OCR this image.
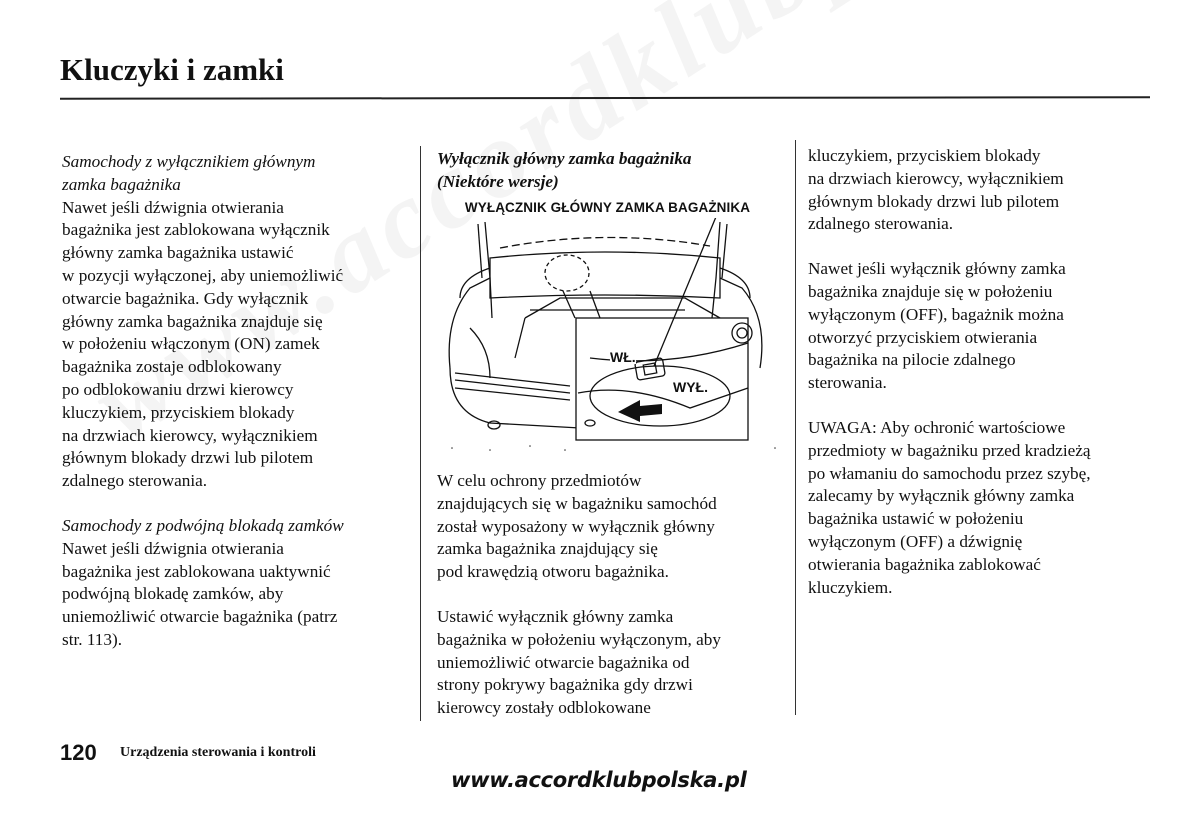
Kluczyki i zamki

Samochody z wyłącznikiem głównym

zamka bagażnika

Nawet jeśli dźwignia otwierania

bagażnika jest zablokowana wyłącznik

główny zamka bagażnika ustawić

w pozycji wyłączonej, aby uniemożliwić

otwarcie bagażnika. Gdy wyłącznik

główny zamka bagażnika znajduje się

w położeniu włączonym (ON) zamek

bagażnika zostaje odblokowany

po odblokowaniu drzwi kierowcy

kluczykiem, przyciskiem blokady

na drzwiach kierowcy, wyłącznikiem

głównym blokady drzwi lub pilotem

zdalnego sterowania.

Samochody z podwójną blokadą zamków

Nawet jeśli dźwignia otwierania

bagażnika jest zablokowana uaktywnić

podwójną blokadę zamków, aby

uniemożliwić otwarcie bagażnika (patrz

str. 113).

Wyłącznik główny zamka bagażnika

(Niektóre wersje)

WYŁĄCZNIK GŁÓWNY ZAMKA BAGAŻNIKA
WŁ.
WYŁ.

W celu ochrony przedmiotów

znajdujących się w bagażniku samochód

został wyposażony w wyłącznik główny

zamka bagażnika znajdujący się

pod krawędzią otworu bagażnika.

Ustawić wyłącznik główny zamka

bagażnika w położeniu wyłączonym, aby

uniemożliwić otwarcie bagażnika od

strony pokrywy bagażnika gdy drzwi

kierowcy zostały odblokowane

kluczykiem, przyciskiem blokady

na drzwiach kierowcy, wyłącznikiem

głównym blokady drzwi lub pilotem

zdalnego sterowania.

Nawet jeśli wyłącznik główny zamka

bagażnika znajduje się w położeniu

wyłączonym (OFF), bagażnik można

otworzyć przyciskiem otwierania

bagażnika na pilocie zdalnego

sterowania.

UWAGA: Aby ochronić wartościowe

przedmioty w bagażniku przed kradzieżą

po włamaniu do samochodu przez szybę,

zalecamy by wyłącznik główny zamka

bagażnika ustawić w położeniu

wyłączonym (OFF) a dźwignię

otwierania bagażnika zablokować

kluczykiem.

120 Urządzenia sterowania i kontroli
www.accordklubpolska.pl
